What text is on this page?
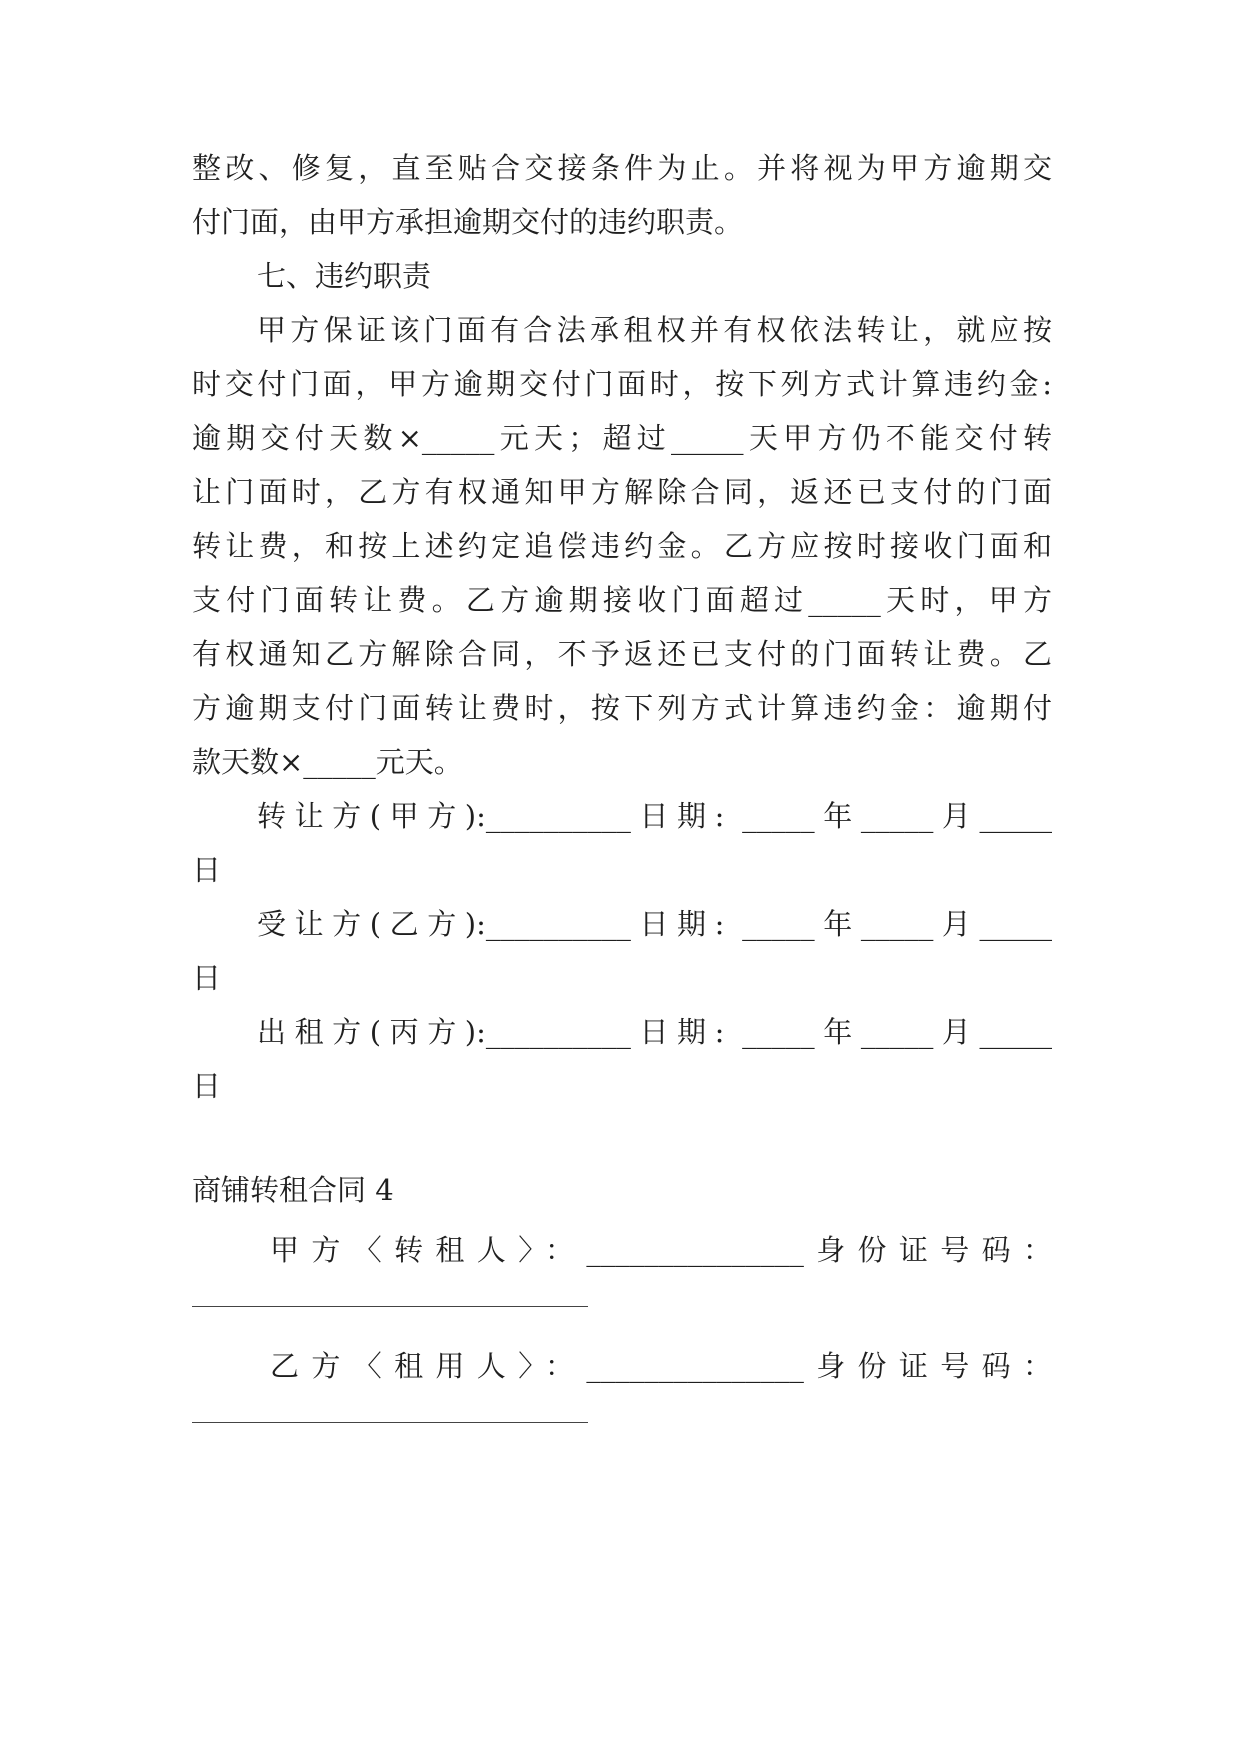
整改、修复，直至贴合交接条件为止。并将视为甲方逾期交
付门面，由甲方承担逾期交付的违约职责。
七、违约职责
甲方保证该门面有合法承租权并有权依法转让，就应按
时交付门面，甲方逾期交付门面时，按下列方式计算违约金:
逾期交付天数×_____元天；超过_____天甲方仍不能交付转
让门面时，乙方有权通知甲方解除合同，返还已支付的门面
转让费，和按上述约定追偿违约金。乙方应按时接收门面和
支付门面转让费。乙方逾期接收门面超过_____天时，甲方
有权通知乙方解除合同，不予返还已支付的门面转让费。乙
方逾期支付门面转让费时，按下列方式计算违约金：逾期付
款天数×_____元天。
转让方(甲方):__________日期: _____年_____月_____
日
受让方(乙方):__________日期: _____年_____月_____
日
出租方(丙方):__________日期: _____年_____月_____
日
商铺转租合同 4
甲方〈转租人〉：_______________身份证号码：
乙方〈租用人〉：_______________身份证号码：
